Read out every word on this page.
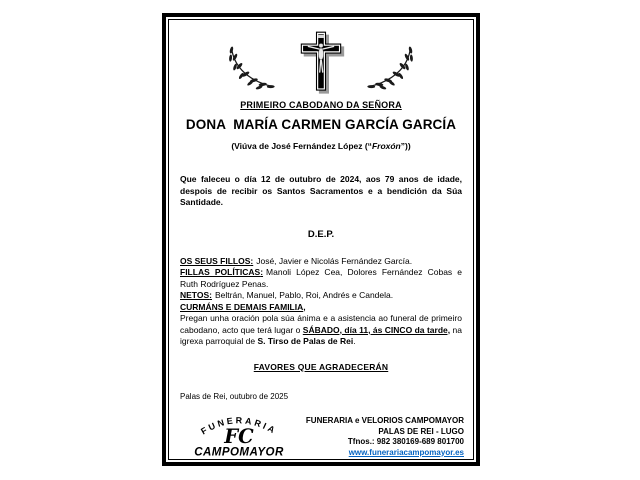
PRIMEIRO CABODANO DA SEÑORA
DONA  MARÍA CARMEN GARCÍA GARCÍA
(Viúva de José Fernández López (“Froxón”))

Que faleceu o día 12 de outubro de 2024, aos 79 anos de idade, despois de recibir os Santos Sacramentos e a bendición da Súa Santidade.

D.E.P.

OS SEUS FILLOS: José, Javier e Nicolás Fernández García.

FILLAS POLÍTICAS: Manoli López Cea, Dolores Fernández Cobas e Ruth Rodríguez Penas.

NETOS: Beltrán, Manuel, Pablo, Roi, Andrés e Candela.

CURMÁNS E DEMAIS FAMILIA,

Pregan unha oración pola súa ánima e a asistencia ao funeral de primeiro cabodano, acto que terá lugar o SÁBADO, día 11, ás CINCO da tarde, na igrexa parroquial de S. Tirso de Palas de Rei.

FAVORES QUE AGRADECERÁN
Palas de Rei, outubro de 2025
FUNERARIA
FC
CAMPOMAYOR
FUNERARIA e VELORIOS CAMPOMAYOR
PALAS DE REI - LUGO
Tfnos.: 982 380169-689 801700
www.funerariacampomayor.es
